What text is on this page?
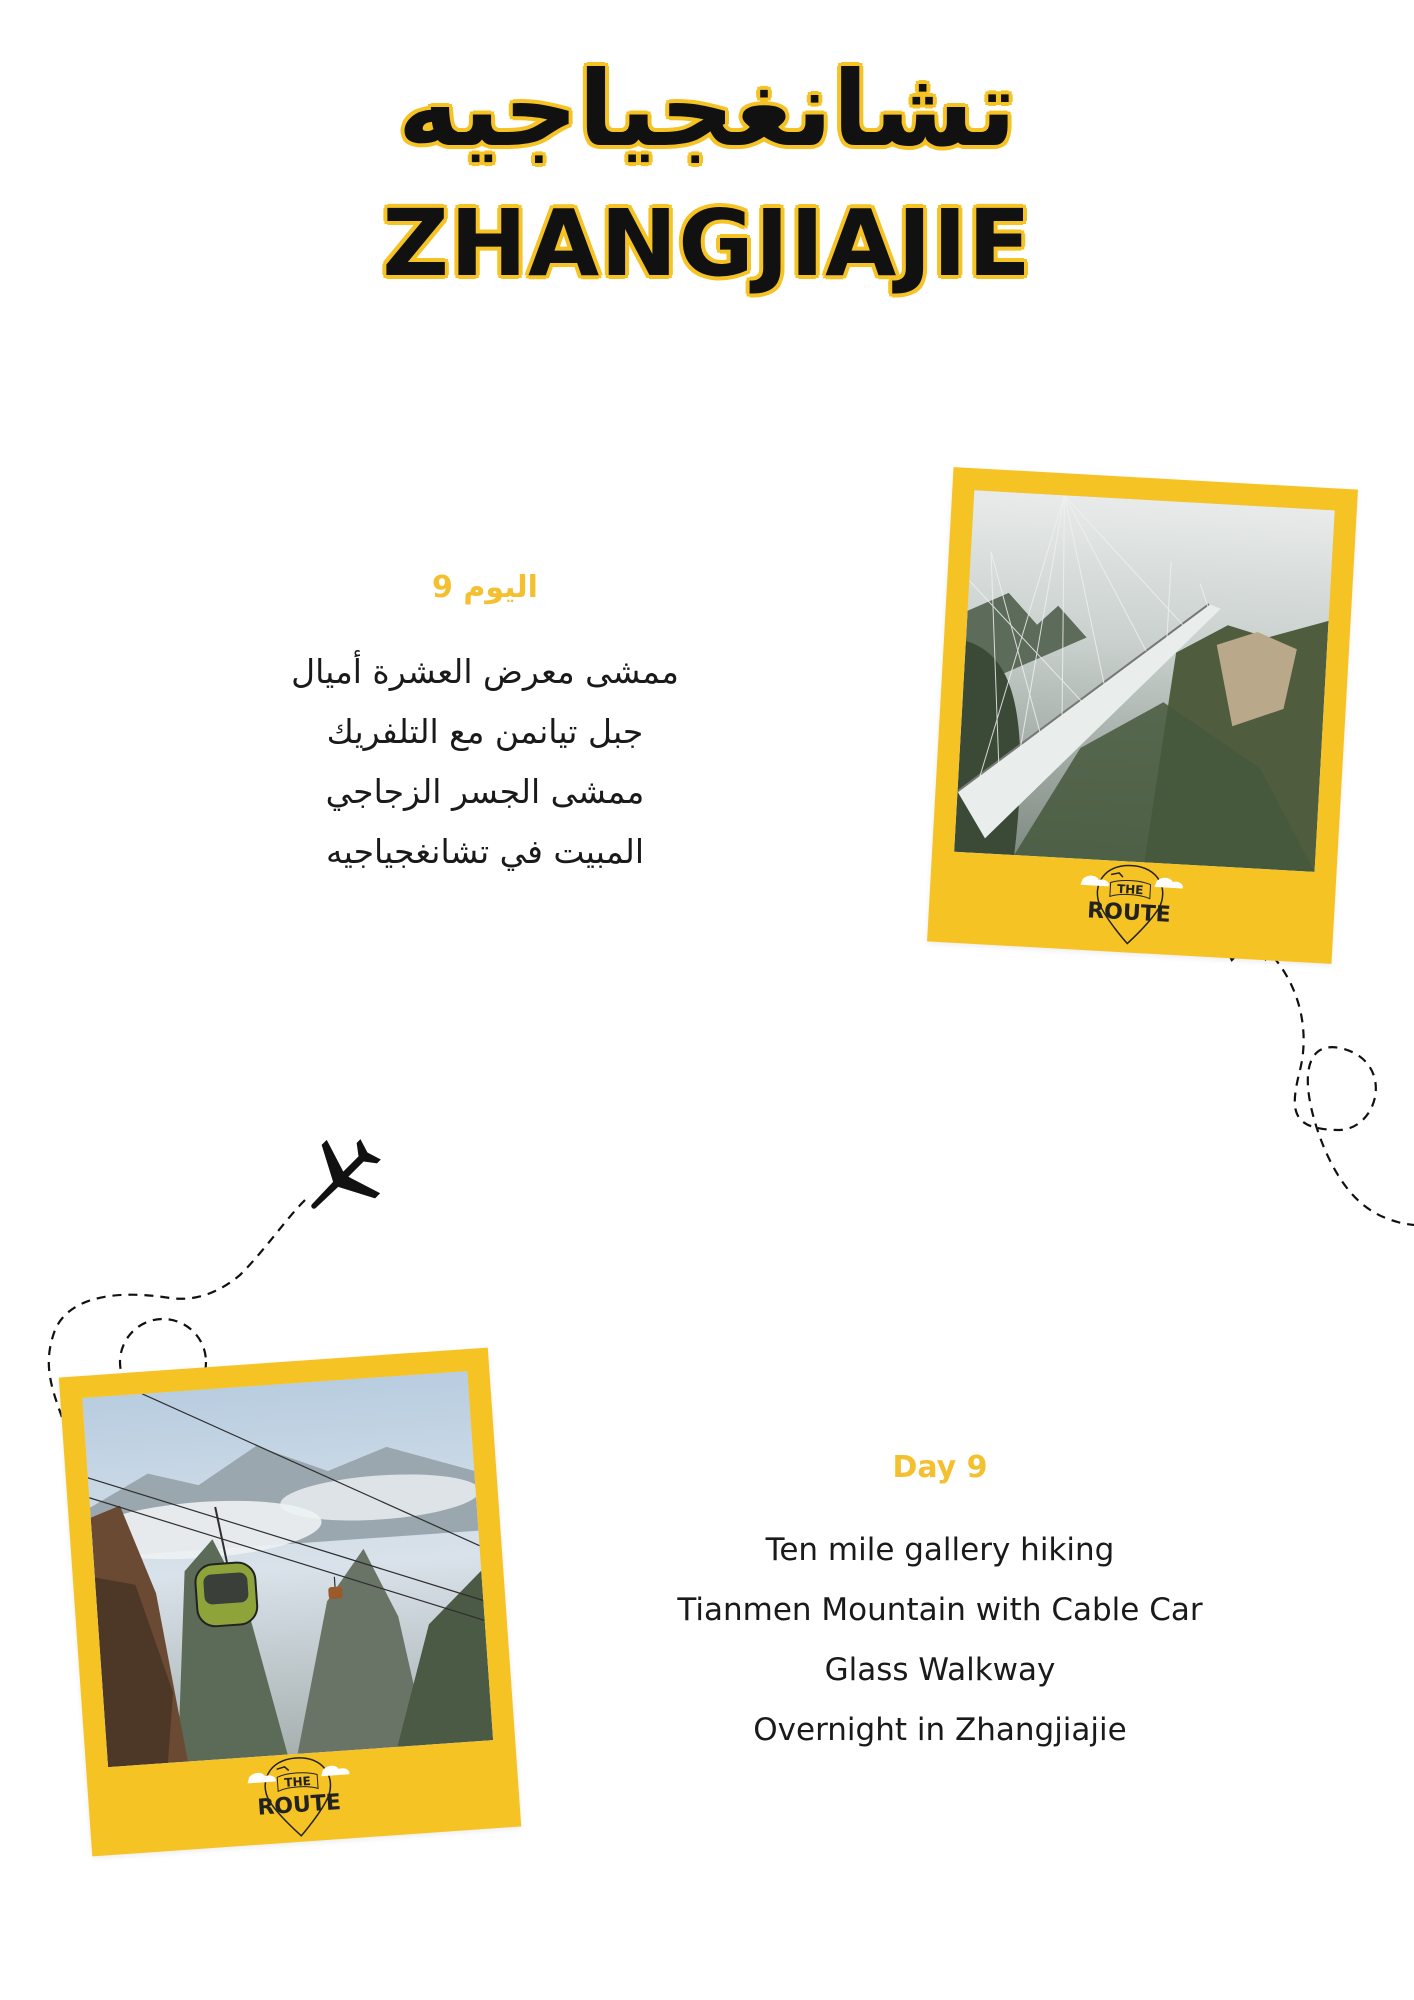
تشانغجياجيه
ZHANGJIAJIE
اليوم 9
ممشى معرض العشرة أميال
جبل تيانمن مع التلفريك
ممشى الجسر الزجاجي
المبيت في تشانغجياجيه
Day 9
Ten mile gallery hiking
Tianmen Mountain with Cable Car
Glass Walkway
Overnight in Zhangjiajie
THE
ROUTE
THE
ROUTE
